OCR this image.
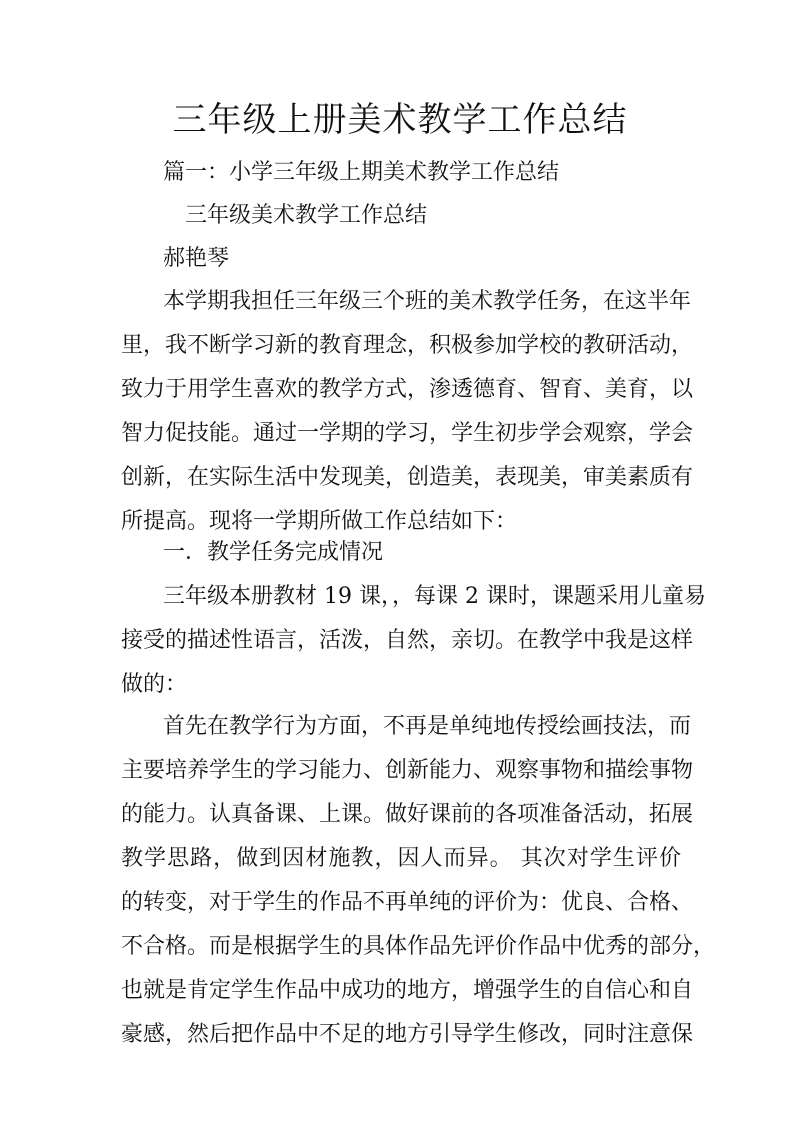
三年级上册美术教学工作总结
篇一：小学三年级上期美术教学工作总结
三年级美术教学工作总结
郝艳琴
本学期我担任三年级三个班的美术教学任务，在这半年
里，我不断学习新的教育理念，积极参加学校的教研活动，
致力于用学生喜欢的教学方式，渗透德育、智育、美育，以
智力促技能。通过一学期的学习，学生初步学会观察，学会
创新，在实际生活中发现美，创造美，表现美，审美素质有
所提高。现将一学期所做工作总结如下：
一．教学任务完成情况
三年级本册教材 19 课，，每课 2 课时，课题采用儿童易
接受的描述性语言，活泼，自然，亲切。在教学中我是这样
做的：
首先在教学行为方面，不再是单纯地传授绘画技法，而
主要培养学生的学习能力、创新能力、观察事物和描绘事物
的能力。认真备课、上课。做好课前的各项准备活动，拓展
教学思路，做到因材施教，因人而异。 其次对学生评价
的转变，对于学生的作品不再单纯的评价为：优良、合格、
不合格。而是根据学生的具体作品先评价作品中优秀的部分，
也就是肯定学生作品中成功的地方，增强学生的自信心和自
豪感，然后把作品中不足的地方引导学生修改，同时注意保
